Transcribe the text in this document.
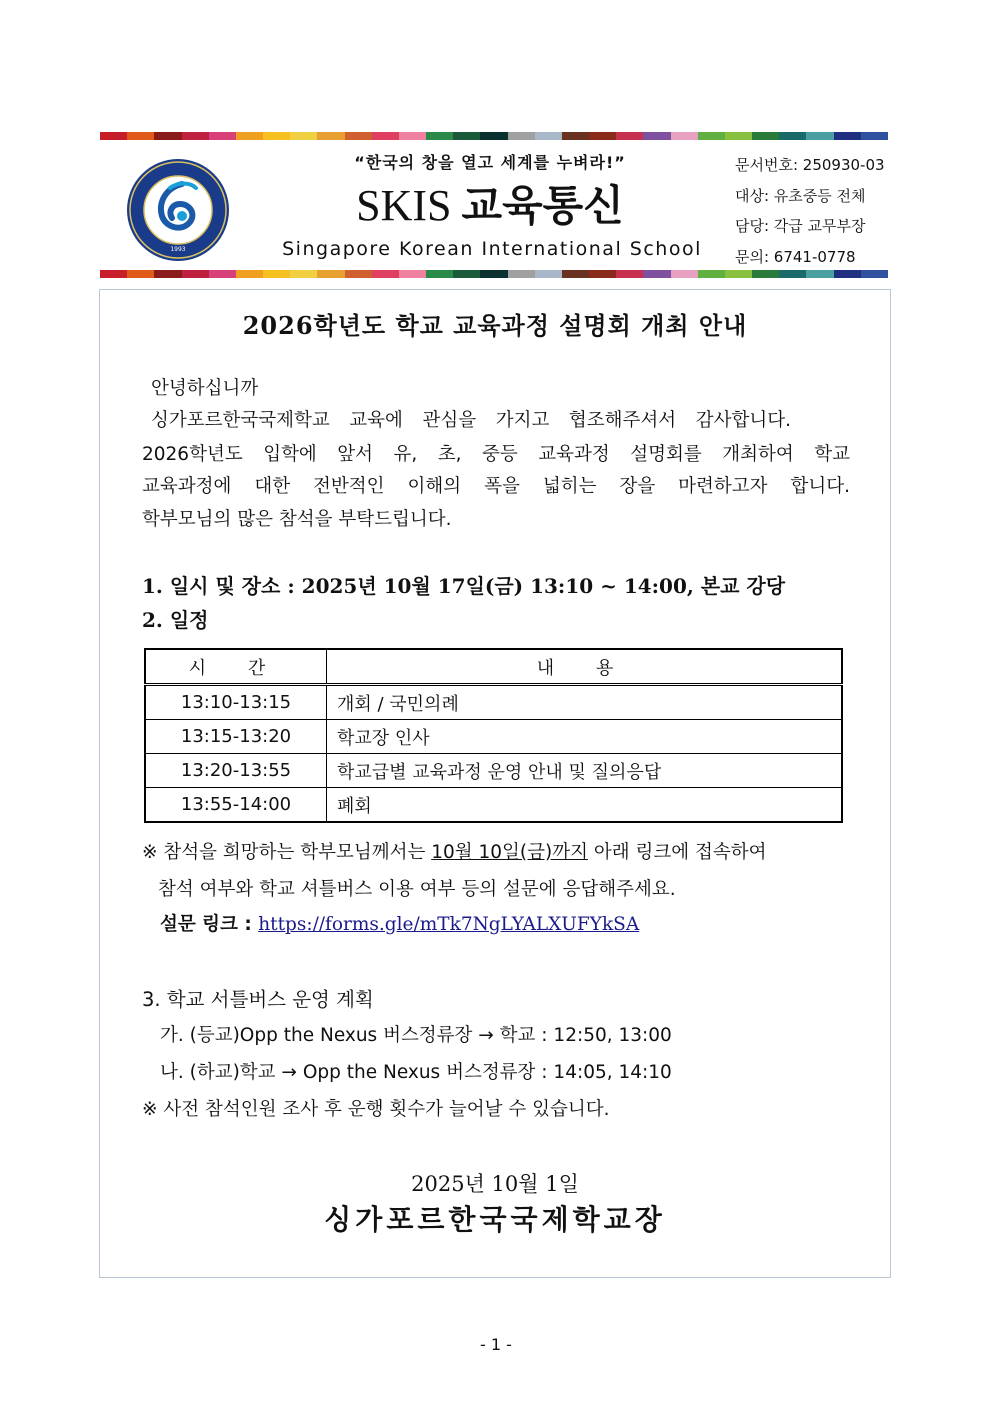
1993
“한국의 창을 열고 세계를 누벼라!”
SKIS 교육통신
Singapore Korean International School
문서번호: 250930-03
대상: 유초중등 전체
담당: 각급 교무부장
문의: 6741-0778
2026학년도 학교 교육과정 설명회 개최 안내
안녕하십니까
싱가포르한국국제학교 교육에 관심을 가지고 협조해주셔서 감사합니다.
2026학년도 입학에 앞서 유, 초, 중등 교육과정 설명회를 개최하여 학교
교육과정에 대한 전반적인 이해의 폭을 넓히는 장을 마련하고자 합니다.
학부모님의 많은 참석을 부탁드립니다.
1. 일시 및 장소 : 2025년 10월 17일(금) 13:10 ~ 14:00, 본교 강당
2. 일정
시 간	내 용
13:10-13:15	개회 / 국민의례
13:15-13:20	학교장 인사
13:20-13:55	학교급별 교육과정 운영 안내 및 질의응답
13:55-14:00	폐회
※ 참석을 희망하는 학부모님께서는 10월 10일(금)까지 아래 링크에 접속하여
참석 여부와 학교 셔틀버스 이용 여부 등의 설문에 응답해주세요.
설문 링크 : https://forms.gle/mTk7NgLYALXUFYkSA
3. 학교 서틀버스 운영 계획
가. (등교)Opp the Nexus 버스정류장 → 학교 : 12:50, 13:00
나. (하교)학교 → Opp the Nexus 버스정류장 : 14:05, 14:10
※ 사전 참석인원 조사 후 운행 횟수가 늘어날 수 있습니다.
2025년 10월 1일
싱가포르한국국제학교장
- 1 -
